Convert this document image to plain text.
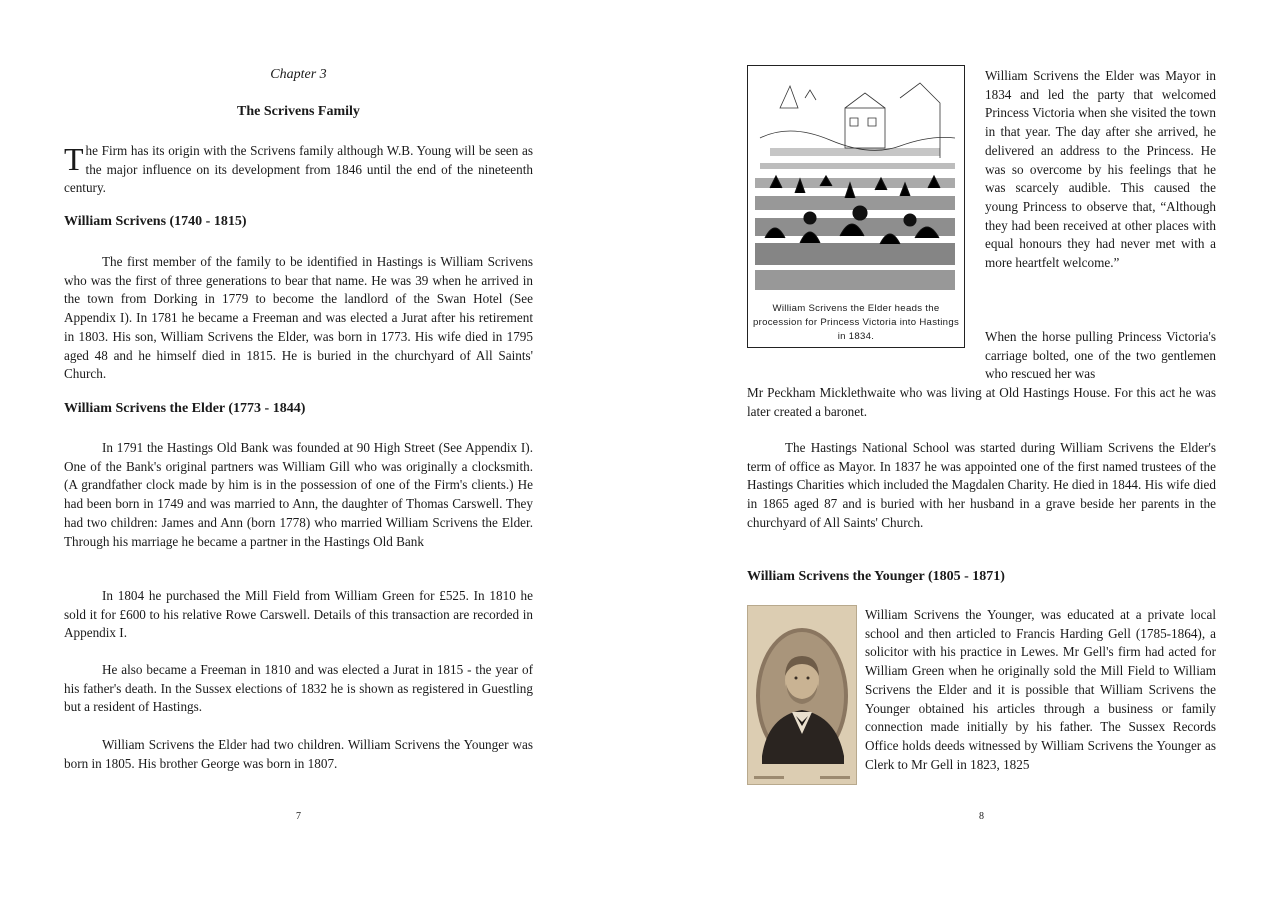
Chapter 3
The Scrivens Family

The Firm has its origin with the Scrivens family although W.B. Young will be seen as the major influence on its development from 1846 until the end of the nineteenth century.

William Scrivens (1740 - 1815)

The first member of the family to be identified in Hastings is William Scrivens who was the first of three generations to bear that name. He was 39 when he arrived in the town from Dorking in 1779 to become the landlord of the Swan Hotel (See Appendix I). In 1781 he became a Freeman and was elected a Jurat after his retirement in 1803. His son, William Scrivens the Elder, was born in 1773. His wife died in 1795 aged 48 and he himself died in 1815. He is buried in the churchyard of All Saints' Church.

William Scrivens the Elder (1773 - 1844)

In 1791 the Hastings Old Bank was founded at 90 High Street (See Appendix I). One of the Bank's original partners was William Gill who was originally a clocksmith. (A grandfather clock made by him is in the possession of one of the Firm's clients.) He had been born in 1749 and was married to Ann, the daughter of Thomas Carswell. They had two children: James and Ann (born 1778) who married William Scrivens the Elder. Through his marriage he became a partner in the Hastings Old Bank

In 1804 he purchased the Mill Field from William Green for £525. In 1810 he sold it for £600 to his relative Rowe Carswell. Details of this transaction are recorded in Appendix I.

He also became a Freeman in 1810 and was elected a Jurat in 1815 - the year of his father's death. In the Sussex elections of 1832 he is shown as registered in Guestling but a resident of Hastings.

William Scrivens the Elder had two children. William Scrivens the Younger was born in 1805. His brother George was born in 1807.

7
William Scrivens the Elder heads the procession for Princess Victoria into Hastings in 1834.

William Scrivens the Elder was Mayor in 1834 and led the party that welcomed Princess Victoria when she visited the town in that year. The day after she arrived, he delivered an address to the Princess. He was so overcome by his feelings that he was scarcely audible. This caused the young Princess to observe that, “Although they had been received at other places with equal honours they had never met with a more heartfelt welcome.”

When the horse pulling Princess Victoria's carriage bolted, one of the two gentlemen who rescued her was

Mr Peckham Micklethwaite who was living at Old Hastings House. For this act he was later created a baronet.

The Hastings National School was started during William Scrivens the Elder's term of office as Mayor. In 1837 he was appointed one of the first named trustees of the Hastings Charities which included the Magdalen Charity. He died in 1844. His wife died in 1865 aged 87 and is buried with her husband in a grave beside her parents in the churchyard of All Saints' Church.

William Scrivens the Younger (1805 - 1871)

William Scrivens the Younger, was educated at a private local school and then articled to Francis Harding Gell (1785-1864), a solicitor with his practice in Lewes. Mr Gell's firm had acted for William Green when he originally sold the Mill Field to William Scrivens the Elder and it is possible that William Scrivens the Younger obtained his articles through a business or family connection made initially by his father. The Sussex Records Office holds deeds witnessed by William Scrivens the Younger as Clerk to Mr Gell in 1823, 1825

8
